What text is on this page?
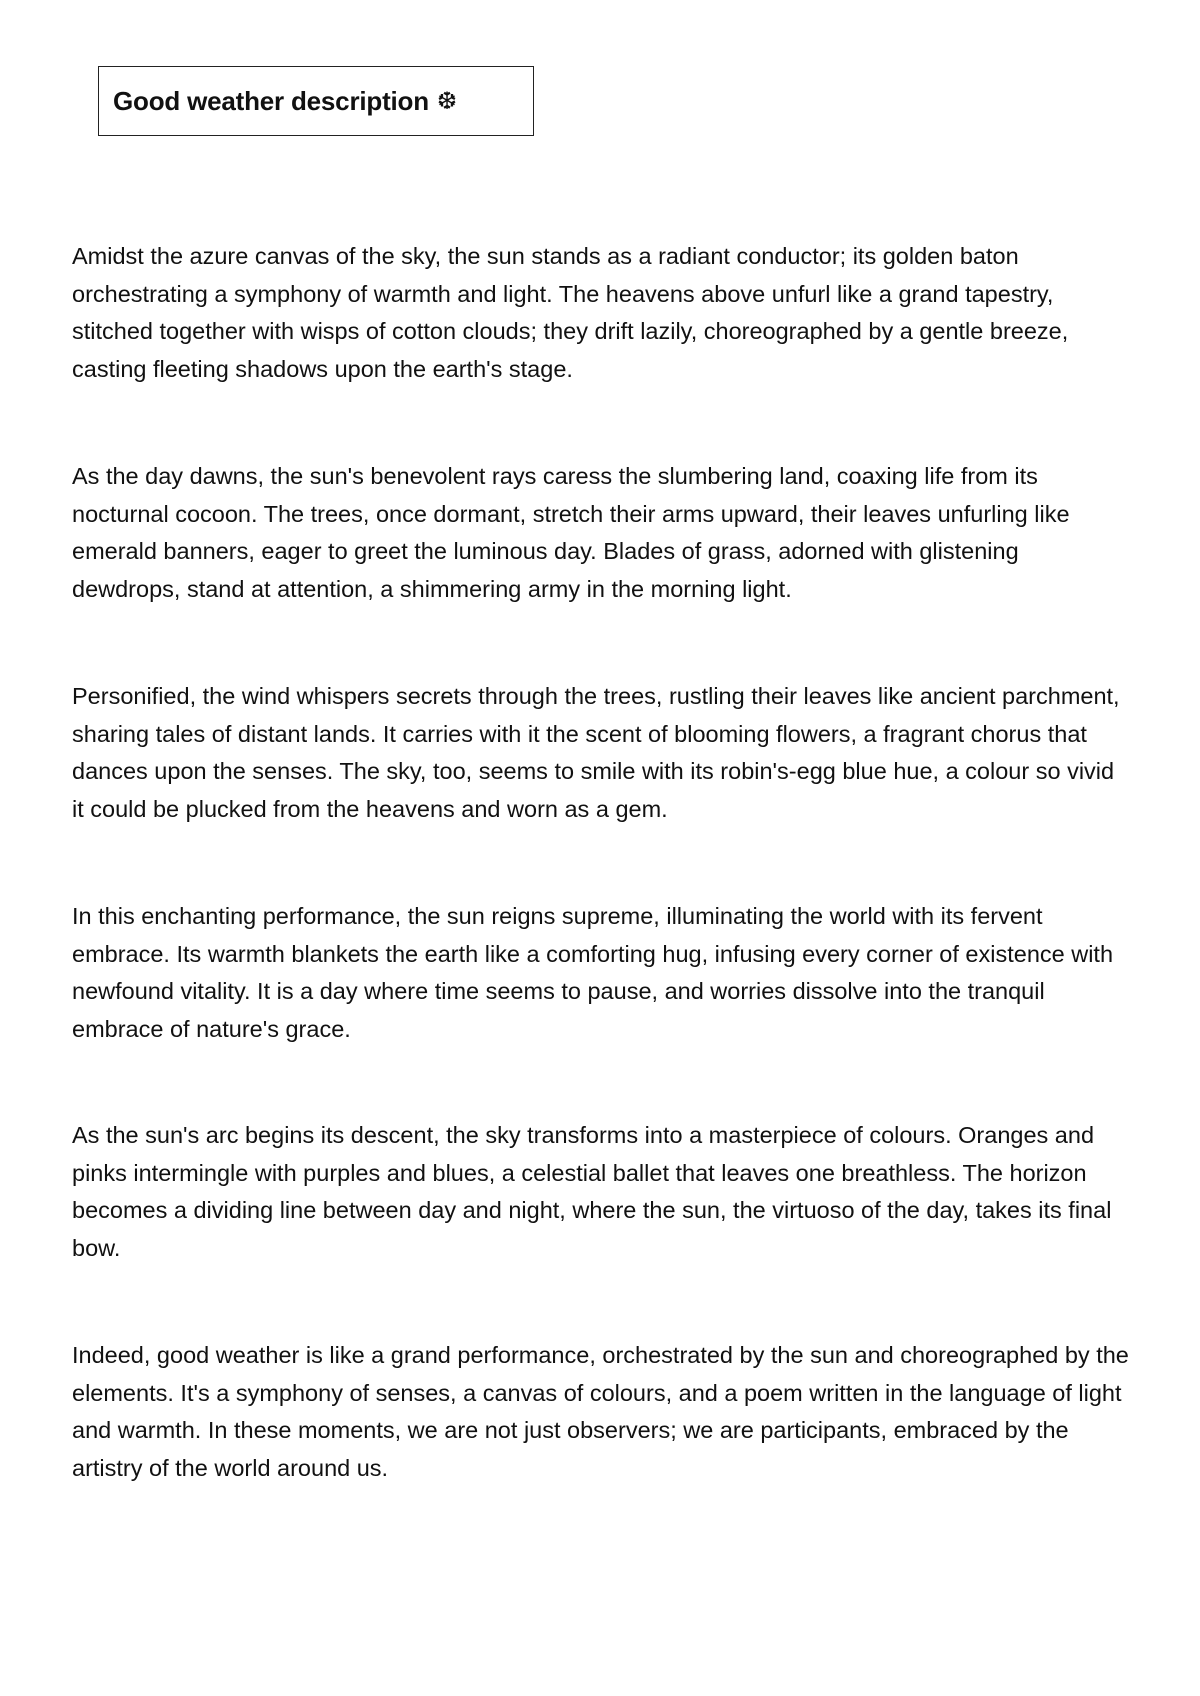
Good weather description ❆

Amidst the azure canvas of the sky, the sun stands as a radiant conductor; its golden baton orchestrating a symphony of warmth and light. The heavens above unfurl like a grand tapestry, stitched together with wisps of cotton clouds; they drift lazily, choreographed by a gentle breeze, casting fleeting shadows upon the earth's stage.

As the day dawns, the sun's benevolent rays caress the slumbering land, coaxing life from its nocturnal cocoon. The trees, once dormant, stretch their arms upward, their leaves unfurling like emerald banners, eager to greet the luminous day. Blades of grass, adorned with glistening dewdrops, stand at attention, a shimmering army in the morning light.

Personified, the wind whispers secrets through the trees, rustling their leaves like ancient parchment, sharing tales of distant lands. It carries with it the scent of blooming flowers, a fragrant chorus that dances upon the senses. The sky, too, seems to smile with its robin's-egg blue hue, a colour so vivid it could be plucked from the heavens and worn as a gem.

In this enchanting performance, the sun reigns supreme, illuminating the world with its fervent embrace. Its warmth blankets the earth like a comforting hug, infusing every corner of existence with newfound vitality. It is a day where time seems to pause, and worries dissolve into the tranquil embrace of nature's grace.

As the sun's arc begins its descent, the sky transforms into a masterpiece of colours. Oranges and pinks intermingle with purples and blues, a celestial ballet that leaves one breathless. The horizon becomes a dividing line between day and night, where the sun, the virtuoso of the day, takes its final bow.

Indeed, good weather is like a grand performance, orchestrated by the sun and choreographed by the elements. It's a symphony of senses, a canvas of colours, and a poem written in the language of light and warmth. In these moments, we are not just observers; we are participants, embraced by the artistry of the world around us.
